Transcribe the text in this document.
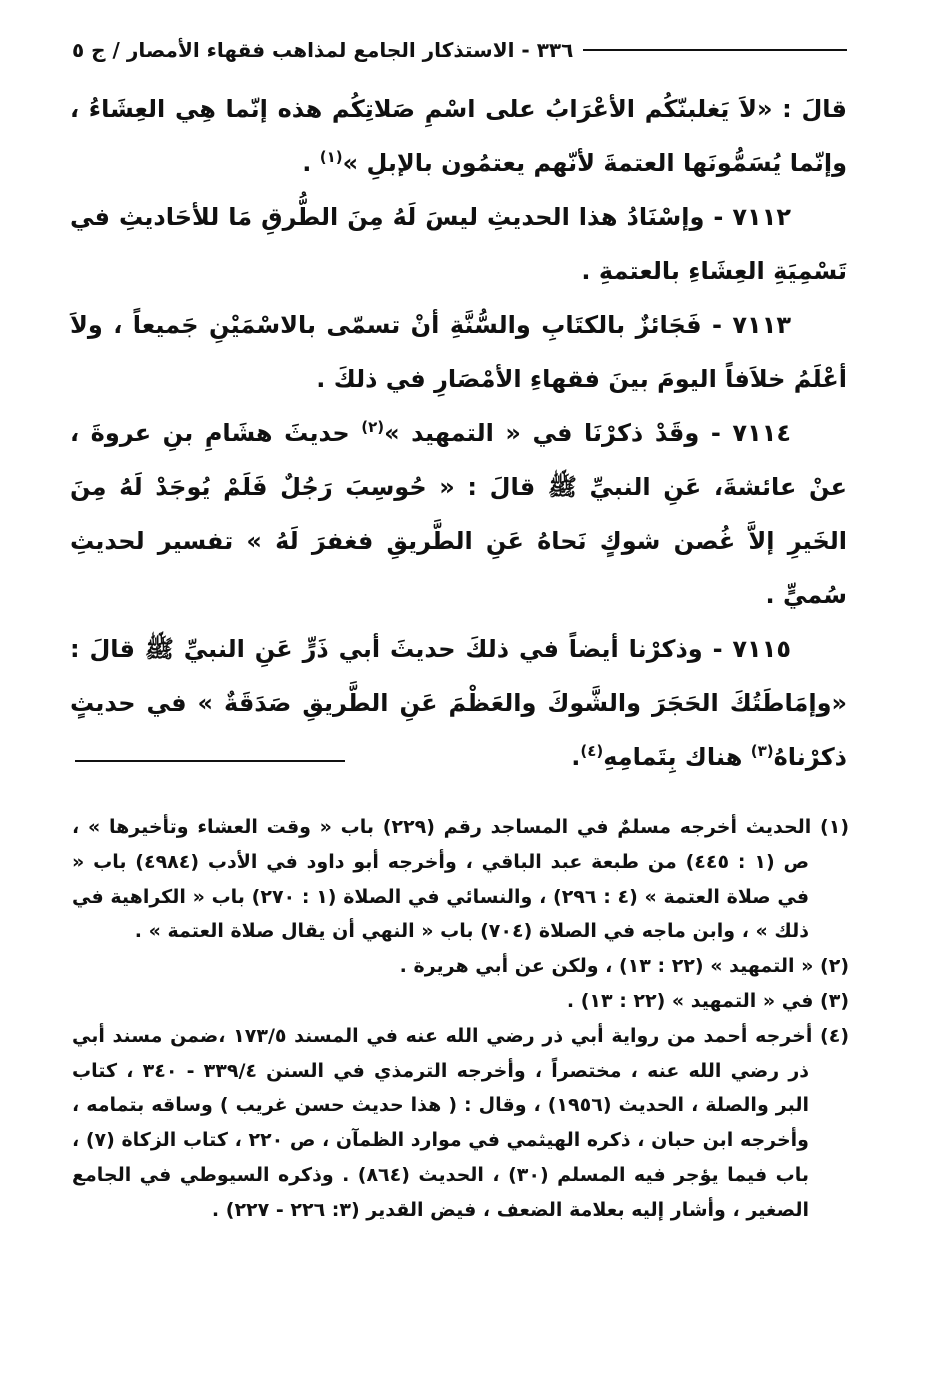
٣٣٦ - الاستذكار الجامع لمذاهب فقهاء الأمصار / ج ٥

قالَ : «لاَ يَغلبنّكُم الأعْرَابُ على اسْمِ صَلاتِكُم هذه إنّما هِي العِشَاءُ ، وإنّما يُسَمُّونَها العتمةَ لأنّهم يعتمُون بالإبلِ »$^{(١)}$ .

٧١١٢ - وإسْنَادُ هذا الحديثِ ليسَ لَهُ مِنَ الطُّرقِ مَا للأحَاديثِ في تَسْمِيَةِ العِشَاءِ بالعتمةِ .

٧١١٣ - فَجَائزٌ بالكتَابِ والسُّنَّةِ أنْ تسمّى بالاسْمَيْنِ جَميعاً ، ولاَ أعْلَمُ خلاَفاً اليومَ بينَ فقهاءِ الأمْصَارِ في ذلكَ .

٧١١٤ - وقَدْ ذكرْنَا في « التمهيد »$^{(٢)}$ حديثَ هشَامِ بنِ عروةَ ، عنْ عائشةَ، عَنِ النبيِّ ﷺ قالَ : « حُوسِبَ رَجُلٌ فَلَمْ يُوجَدْ لَهُ مِنَ الخَيرِ إلاَّ غُصن شوكٍ نَحاهُ عَنِ الطَّريقِ فغفرَ لَهُ » تفسير لحديثِ سُميٍّ .

٧١١٥ - وذكرْنا أيضاً في ذلكَ حديثَ أبي ذَرٍّ عَنِ النبيِّ ﷺ قالَ : «وإمَاطَتُكَ الحَجَرَ والشَّوكَ والعَظْمَ عَنِ الطَّريقِ صَدَقَةٌ » في حديثٍ ذكرْناهُ$^{(٣)}$ هناك بِتَمامِهِ$^{(٤)}$.

(١) الحديث أخرجه مسلمٌ في المساجد رقم (٢٢٩) باب « وقت العشاء وتأخيرها » ، ص (١ : ٤٤٥) من طبعة عبد الباقي ، وأخرجه أبو داود في الأدب (٤٩٨٤) باب « في صلاة العتمة » (٤ : ٢٩٦) ، والنسائي في الصلاة (١ : ٢٧٠) باب « الكراهية في ذلك » ، وابن ماجه في الصلاة (٧٠٤) باب « النهي أن يقال صلاة العتمة » .

(٢) « التمهيد » (٢٢ : ١٣) ، ولكن عن أبي هريرة .

(٣) في « التمهيد » (٢٢ : ١٣) .

(٤) أخرجه أحمد من رواية أبي ذر رضي الله عنه في المسند ١٧٣/٥ ،ضمن مسند أبي ذر رضي الله عنه ، مختصراً ، وأخرجه الترمذي في السنن ٣٣٩/٤ - ٣٤٠ ، كتاب البر والصلة ، الحديث (١٩٥٦) ، وقال : ( هذا حديث حسن غريب ) وساقه بتمامه ، وأخرجه ابن حبان ، ذكره الهيثمي في موارد الظمآن ، ص ٢٢٠ ، كتاب الزكاة (٧) ، باب فيما يؤجر فيه المسلم (٣٠) ، الحديث (٨٦٤) . وذكره السيوطي في الجامع الصغير ، وأشار إليه بعلامة الضعف ، فيض القدير (٣: ٢٢٦ - ٢٢٧) .
